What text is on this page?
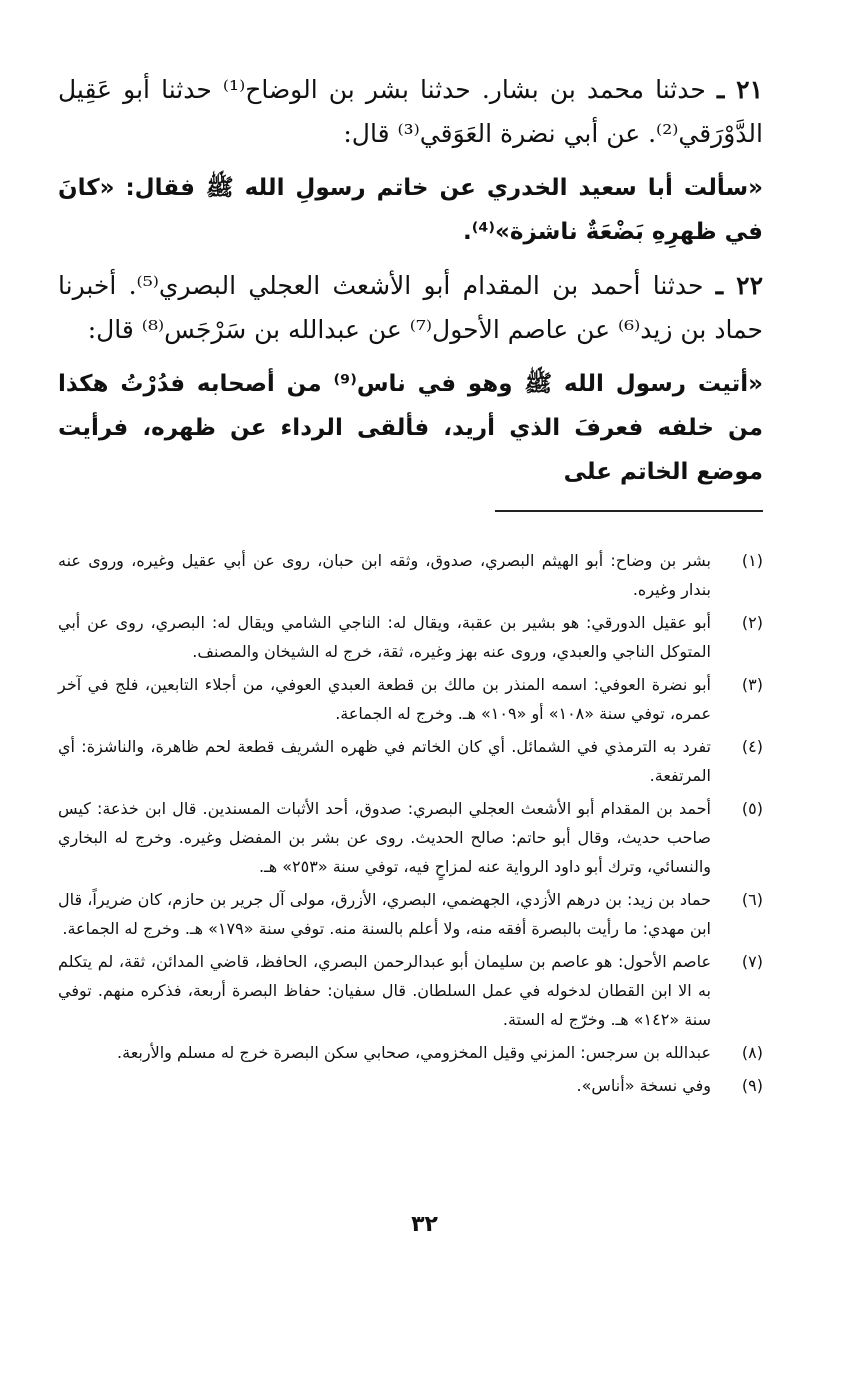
٢١ ـ حدثنا محمد بن بشار. حدثنا بشر بن الوضاح⁽¹⁾ حدثنا أبو عَقِيل الدَّوْرَقي⁽²⁾. عن أبي نضرة العَوَقي⁽³⁾ قال:

«سألت أبا سعيد الخدري عن خاتم رسولِ الله ﷺ فقال: «كانَ في ظهرِهِ بَضْعَةٌ ناشزة»⁽⁴⁾.

٢٢ ـ حدثنا أحمد بن المقدام أبو الأشعث العجلي البصري⁽⁵⁾. أخبرنا حماد بن زيد⁽⁶⁾ عن عاصم الأحول⁽⁷⁾ عن عبدالله بن سَرْجَس⁽⁸⁾ قال:

«أتيت رسول الله ﷺ وهو في ناس⁽⁹⁾ من أصحابه فدُرْتُ هكذا من خلفه فعرفَ الذي أريد، فألقى الرداء عن ظهره، فرأيت موضع الخاتم على

(١)
بشر بن وضاح: أبو الهيثم البصري، صدوق، وثقه ابن حبان، روى عن أبي عقيل وغيره، وروى عنه بندار وغيره.
(٢)
أبو عقيل الدورقي: هو بشير بن عقبة، ويقال له: الناجي الشامي ويقال له: البصري، روى عن أبي المتوكل الناجي والعبدي، وروى عنه بهز وغيره، ثقة، خرج له الشيخان والمصنف.
(٣)
أبو نضرة العوفي: اسمه المنذر بن مالك بن قطعة العبدي العوفي، من أجلاء التابعين، فلج في آخر عمره، توفي سنة «١٠٨» أو «١٠٩» هـ. وخرج له الجماعة.
(٤)
تفرد به الترمذي في الشمائل. أي كان الخاتم في ظهره الشريف قطعة لحم ظاهرة، والناشزة: أي المرتفعة.
(٥)
أحمد بن المقدام أبو الأشعث العجلي البصري: صدوق، أحد الأثبات المسندين. قال ابن خذعة: كيس صاحب حديث، وقال أبو حاتم: صالح الحديث. روى عن بشر بن المفضل وغيره. وخرج له البخاري والنسائي، وترك أبو داود الرواية عنه لمزاحٍ فيه، توفي سنة «٢٥٣» هـ.
(٦)
حماد بن زيد: بن درهم الأزدي، الجهضمي، البصري، الأزرق، مولى آل جرير بن حازم، كان ضريراً، قال ابن مهدي: ما رأيت بالبصرة أفقه منه، ولا أعلم بالسنة منه. توفي سنة «١٧٩» هـ. وخرج له الجماعة.
(٧)
عاصم الأحول: هو عاصم بن سليمان أبو عبدالرحمن البصري، الحافظ، قاضي المدائن، ثقة، لم يتكلم به الا ابن القطان لدخوله في عمل السلطان. قال سفيان: حفاظ البصرة أربعة، فذكره منهم. توفي سنة «١٤٢» هـ. وخرّج له الستة.
(٨)
عبدالله بن سرجس: المزني وقيل المخزومي، صحابي سكن البصرة خرج له مسلم والأربعة.
(٩)
وفي نسخة «أناس».
٣٢
